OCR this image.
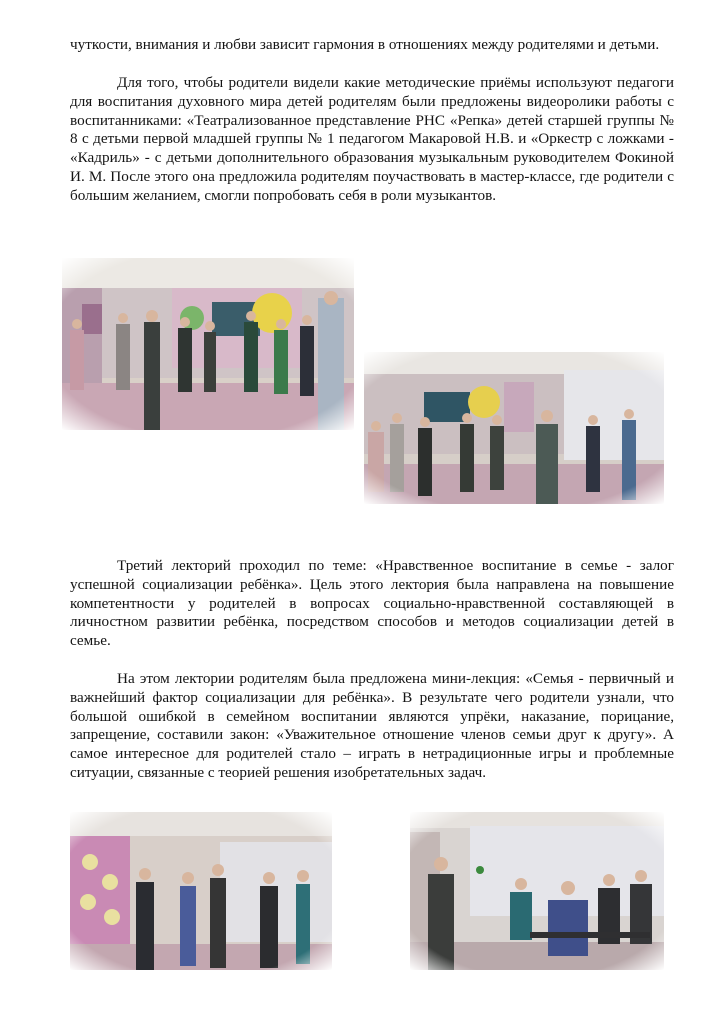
чуткости, внимания и любви зависит гармония в отношениях между родителями и детьми.

Для того, чтобы родители видели какие методические приёмы используют педагоги для воспитания духовного мира детей родителям были предложены видеоролики работы с воспитанниками: «Театрализованное представление РНС «Репка» детей старшей группы № 8 с детьми первой младшей группы № 1 педагогом Макаровой Н.В. и «Оркестр с ложками - «Кадриль» - с детьми дополнительного образования музыкальным руководителем Фокиной И. М. После этого она предложила родителям поучаствовать в мастер-классе, где родители с большим желанием, смогли попробовать себя в роли музыкантов.

Третий лекторий проходил по теме: «Нравственное воспитание в семье - залог успешной социализации ребёнка». Цель этого лектория была направлена на повышение компетентности у родителей в вопросах социально-нравственной составляющей в личностном развитии ребёнка, посредством способов и методов социализации детей в семье.

На этом лектории родителям была предложена мини-лекция: «Семья - первичный и важнейший фактор социализации для ребёнка». В результате чего родители узнали, что большой ошибкой в семейном воспитании являются упрёки, наказание, порицание, запрещение, составили закон: «Уважительное отношение членов семьи друг к другу». А самое интересное для родителей стало – играть в нетрадиционные игры и проблемные ситуации, связанные с теорией решения изобретательных задач.
